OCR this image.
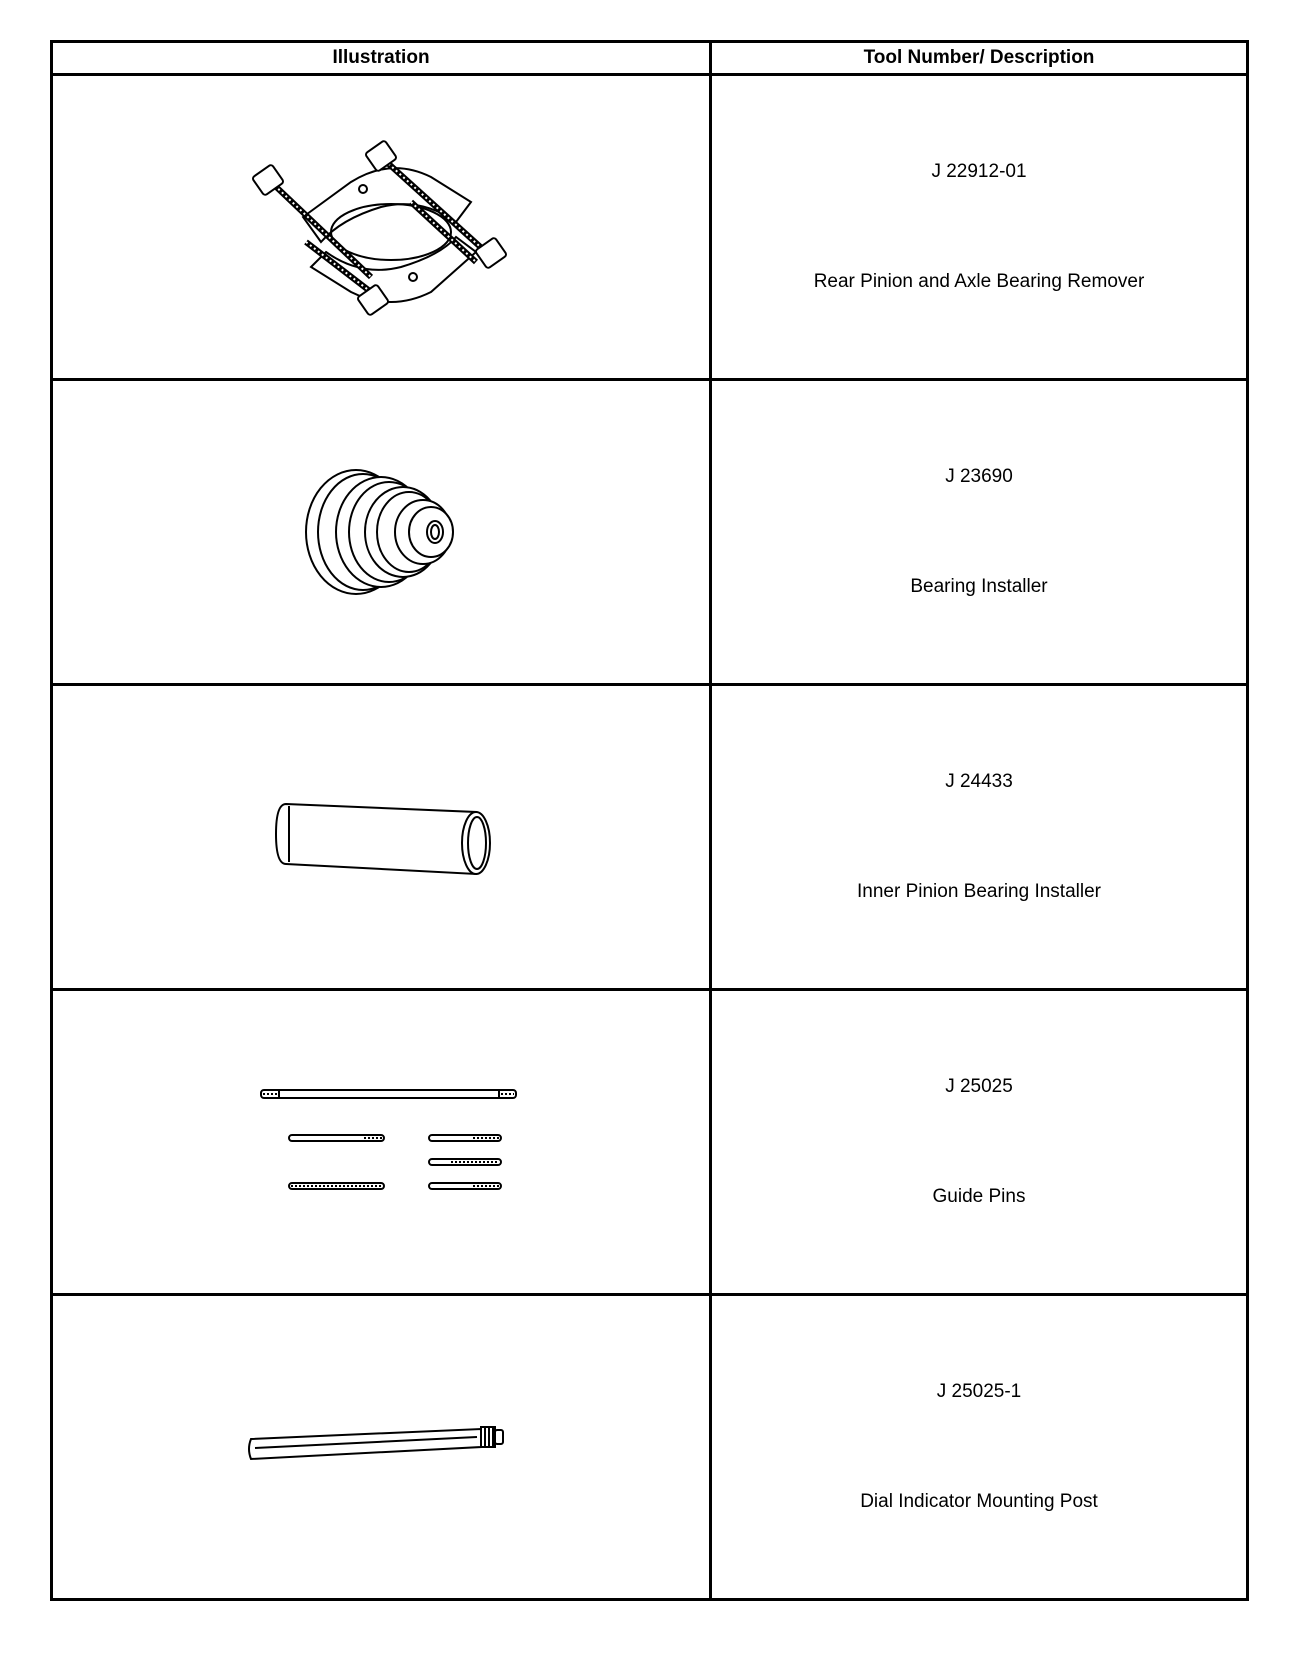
Illustration	Tool Number/ Description

J 22912-01
Rear Pinion and Axle Bearing Remover

J 23690
Bearing Installer

J 24433
Inner Pinion Bearing Installer

J 25025
Guide Pins

J 25025-1
Dial Indicator Mounting Post
